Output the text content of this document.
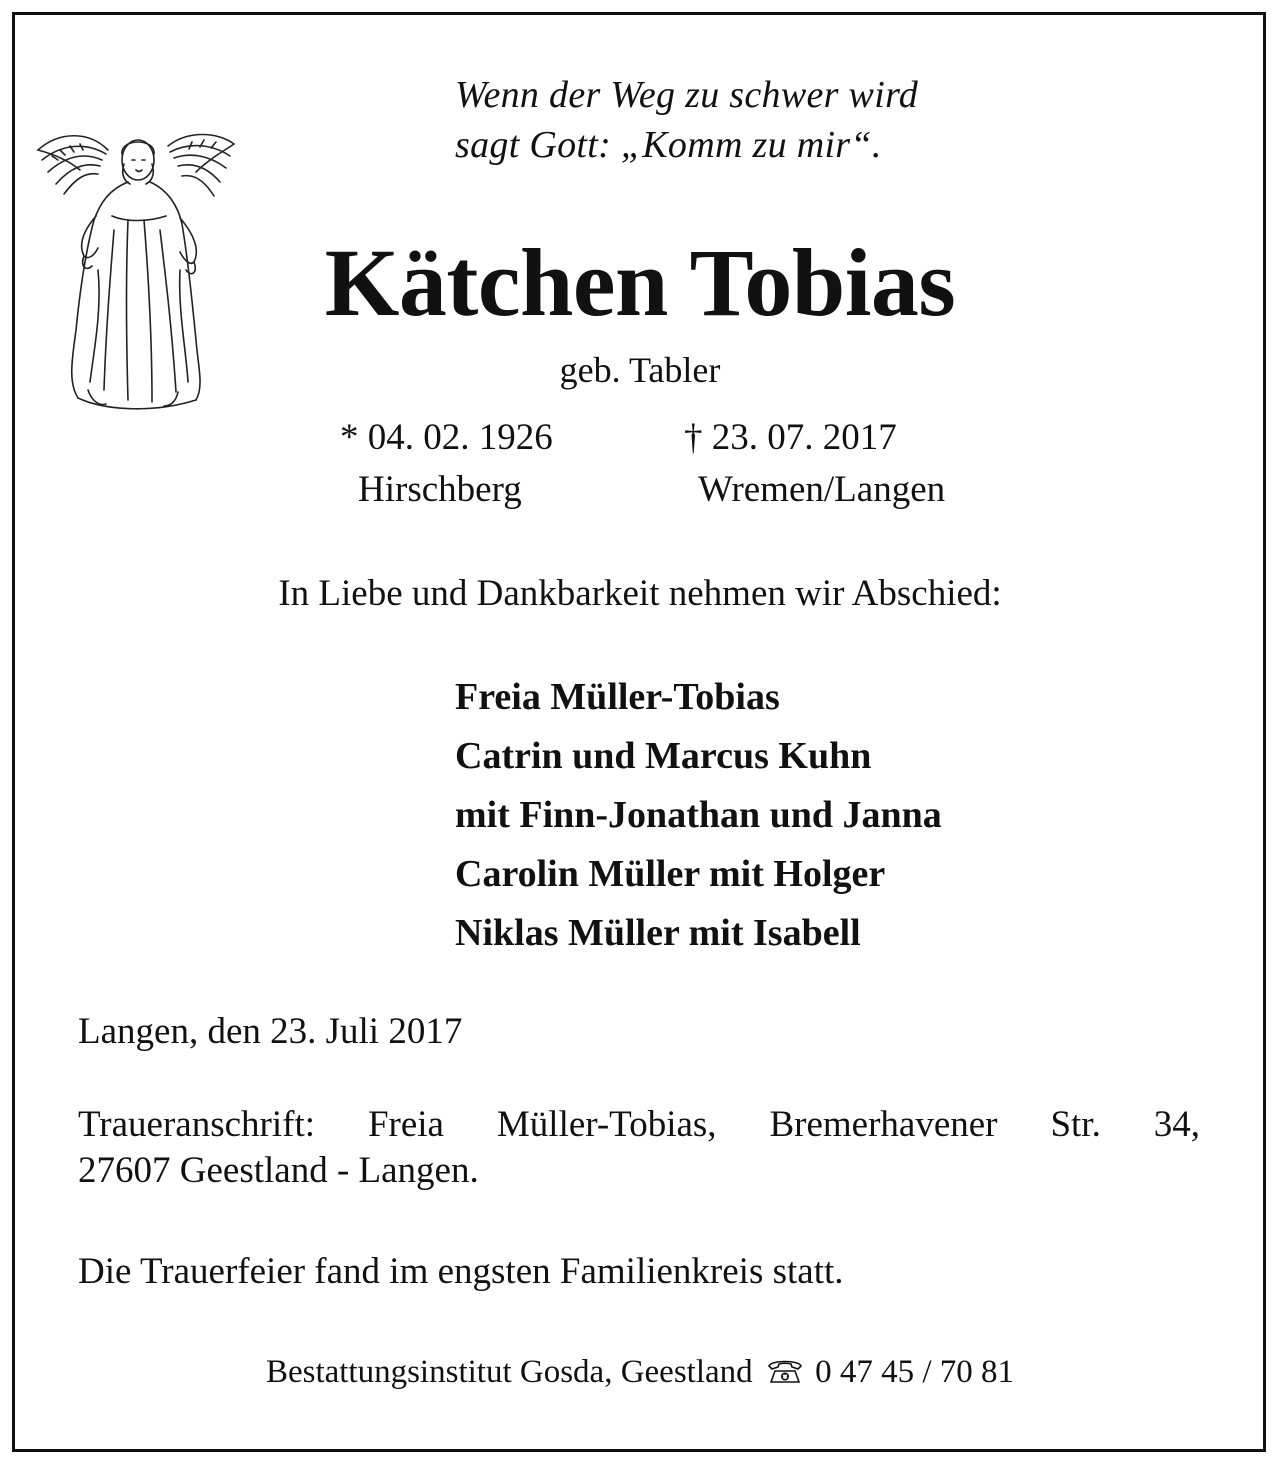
Wenn der Weg zu schwer wird
sagt Gott: „Komm zu mir“.
Kätchen Tobias
geb. Tabler
* 04. 02. 1926
Hirschberg
† 23. 07. 2017
Wremen/Langen
In Liebe und Dankbarkeit nehmen wir Abschied:
Freia Müller-Tobias
Catrin und Marcus Kuhn
mit Finn-Jonathan und Janna
Carolin Müller mit Holger
Niklas Müller mit Isabell
Langen, den 23. Juli 2017
Traueranschrift: Freia Müller-Tobias, Bremerhavener Str. 34,
27607 Geestland - Langen.
Die Trauerfeier fand im engsten Familienkreis statt.
Bestattungsinstitut Gosda, Geestland 0 47 45 / 70 81
